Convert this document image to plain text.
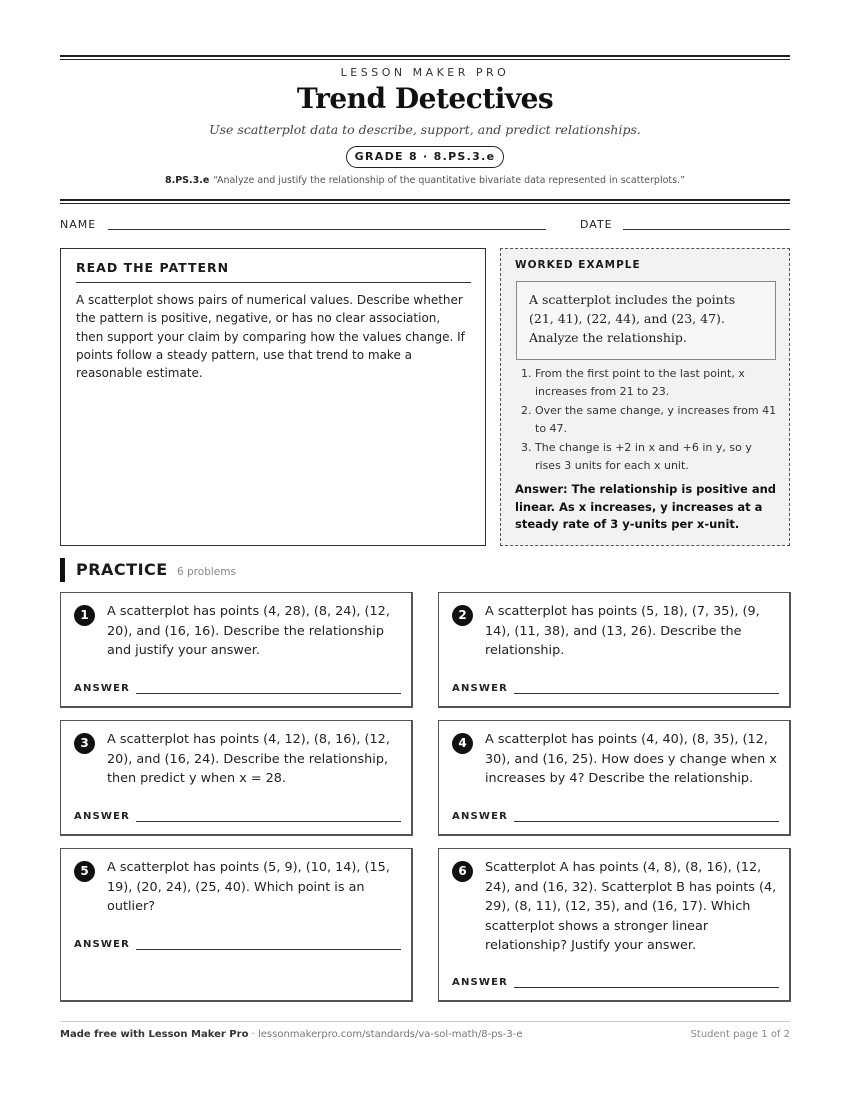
LESSON MAKER PRO
Trend Detectives
Use scatterplot data to describe, support, and predict relationships.
GRADE 8 · 8.PS.3.e
8.PS.3.e “Analyze and justify the relationship of the quantitative bivariate data represented in scatterplots.”
NAME	DATE
READ THE PATTERN
A scatterplot shows pairs of numerical values. Describe whether the pattern is positive, negative, or has no clear association, then support your claim by comparing how the values change. If points follow a steady pattern, use that trend to make a reasonable estimate.
WORKED EXAMPLE
A scatterplot includes the points (21, 41), (22, 44), and (23, 47). Analyze the relationship.
1. From the first point to the last point, x increases from 21 to 23.
2. Over the same change, y increases from 41 to 47.
3. The change is +2 in x and +6 in y, so y rises 3 units for each x unit.
Answer: The relationship is positive and linear. As x increases, y increases at a steady rate of 3 y-units per x-unit.
PRACTICE 6 problems
1	A scatterplot has points (4, 28), (8, 24), (12, 20), and (16, 16). Describe the relationship and justify your answer.
ANSWER
2	A scatterplot has points (5, 18), (7, 35), (9, 14), (11, 38), and (13, 26). Describe the relationship.
ANSWER
3	A scatterplot has points (4, 12), (8, 16), (12, 20), and (16, 24). Describe the relationship, then predict y when x = 28.
ANSWER
4	A scatterplot has points (4, 40), (8, 35), (12, 30), and (16, 25). How does y change when x increases by 4? Describe the relationship.
ANSWER
5	A scatterplot has points (5, 9), (10, 14), (15, 19), (20, 24), (25, 40). Which point is an outlier?
ANSWER
6	Scatterplot A has points (4, 8), (8, 16), (12, 24), and (16, 32). Scatterplot B has points (4, 29), (8, 11), (12, 35), and (16, 17). Which scatterplot shows a stronger linear relationship? Justify your answer.
ANSWER
Made free with Lesson Maker Pro · lessonmakerpro.com/standards/va-sol-math/8-ps-3-e	Student page 1 of 2
